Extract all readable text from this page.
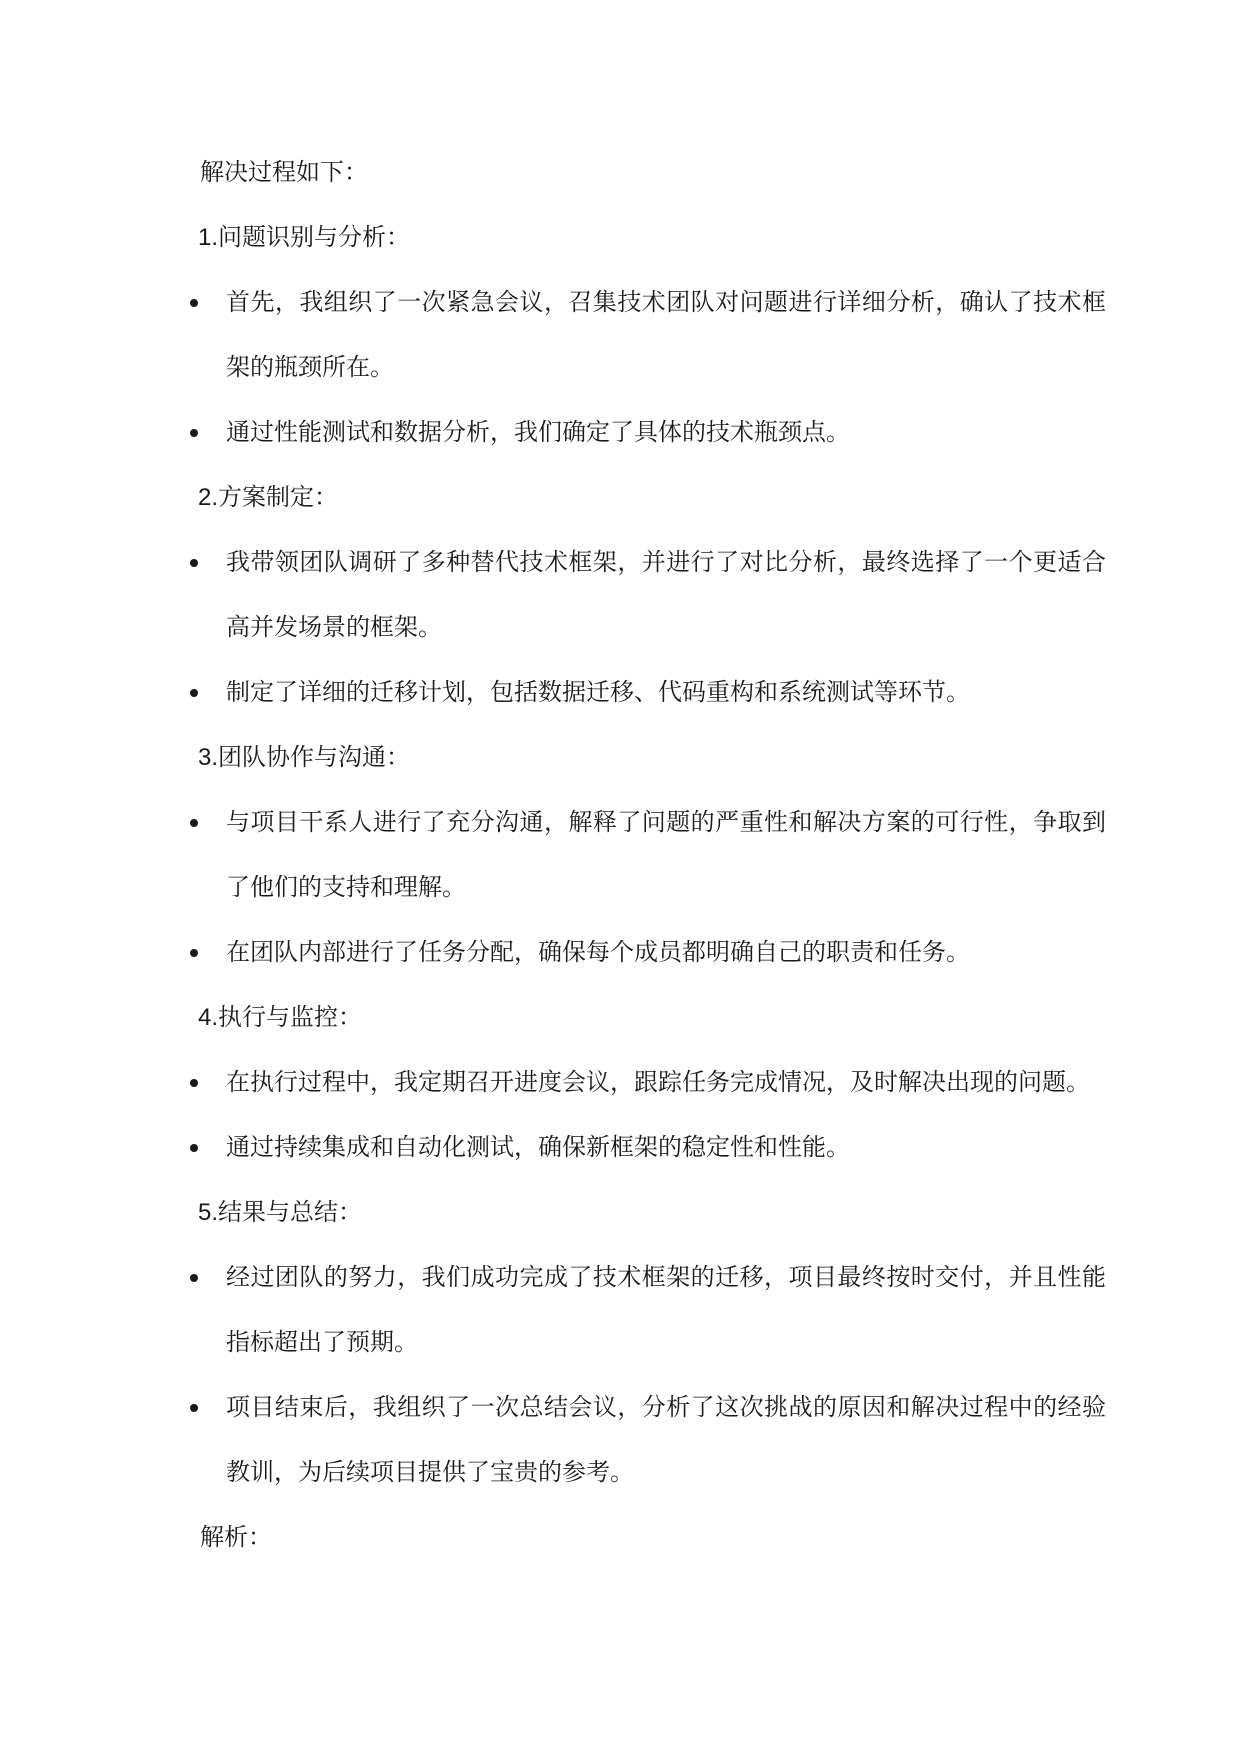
解决过程如下：
1.问题识别与分析：
首先，我组织了一次紧急会议，召集技术团队对问题进行详细分析，确认了技术框架的瓶颈所在。
通过性能测试和数据分析，我们确定了具体的技术瓶颈点。
2.方案制定：
我带领团队调研了多种替代技术框架，并进行了对比分析，最终选择了一个更适合高并发场景的框架。
制定了详细的迁移计划，包括数据迁移、代码重构和系统测试等环节。
3.团队协作与沟通：
与项目干系人进行了充分沟通，解释了问题的严重性和解决方案的可行性，争取到了他们的支持和理解。
在团队内部进行了任务分配，确保每个成员都明确自己的职责和任务。
4.执行与监控：
在执行过程中，我定期召开进度会议，跟踪任务完成情况，及时解决出现的问题。
通过持续集成和自动化测试，确保新框架的稳定性和性能。
5.结果与总结：
经过团队的努力，我们成功完成了技术框架的迁移，项目最终按时交付，并且性能指标超出了预期。
项目结束后，我组织了一次总结会议，分析了这次挑战的原因和解决过程中的经验教训，为后续项目提供了宝贵的参考。
解析：
